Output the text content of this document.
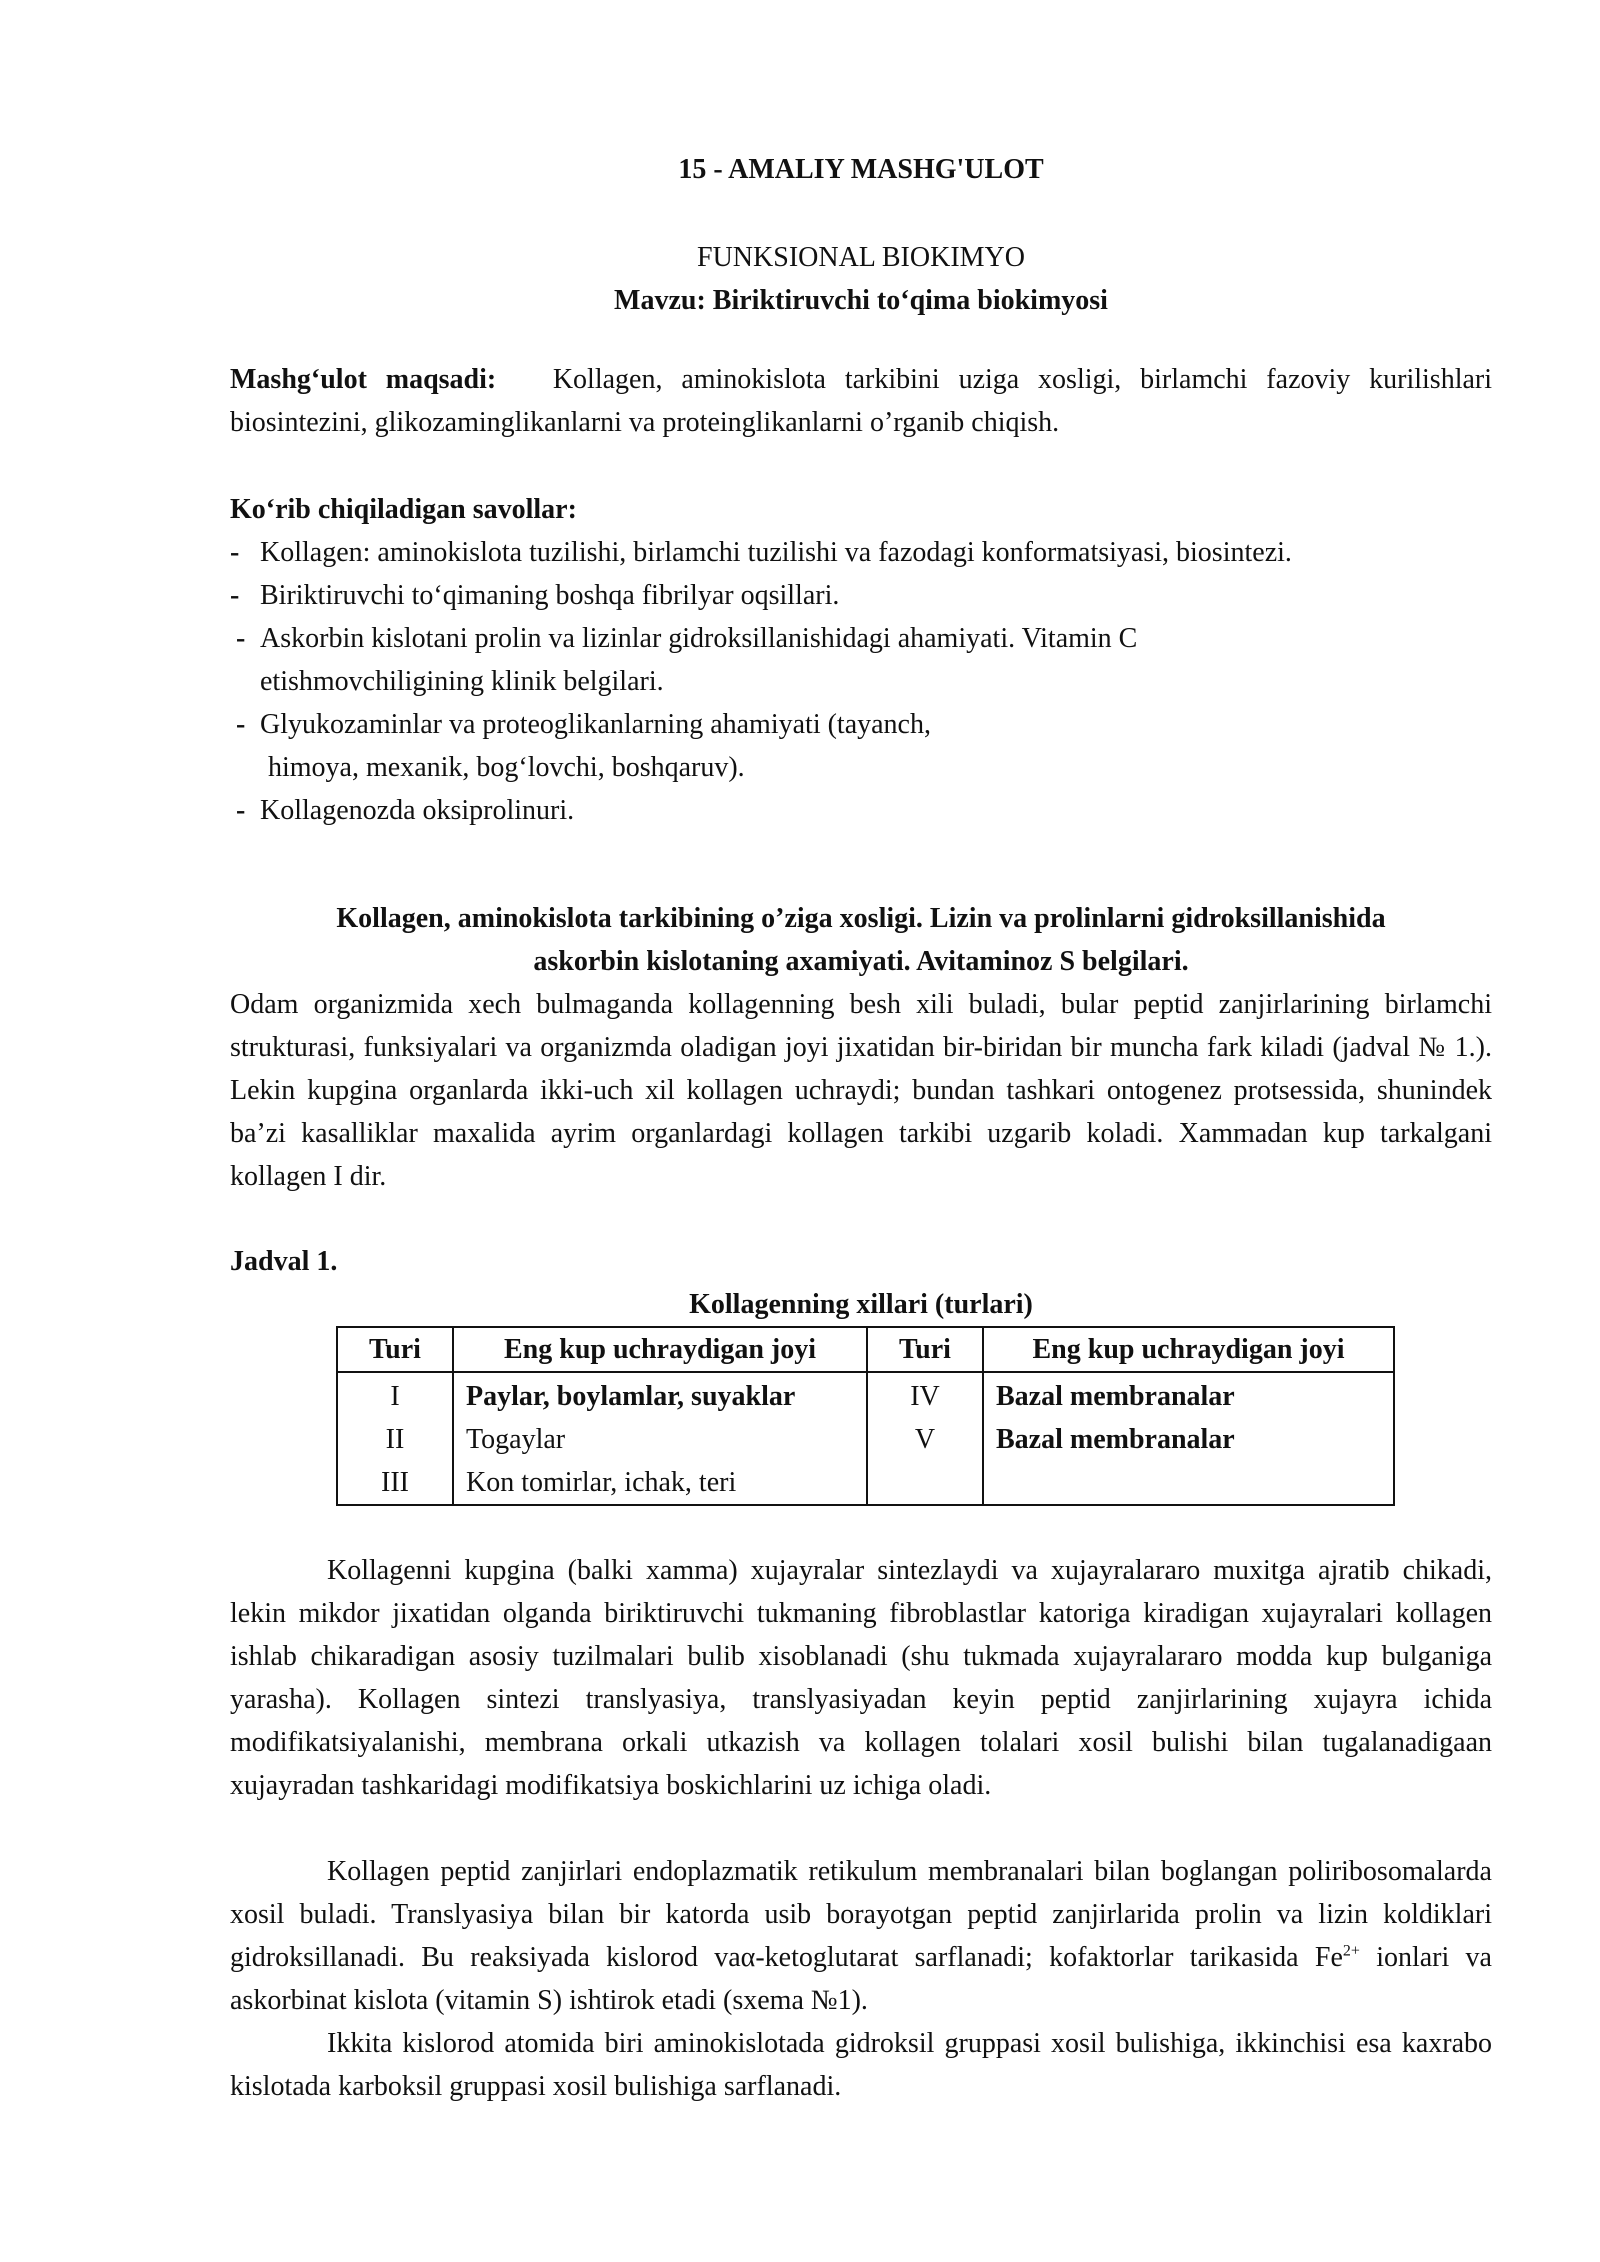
15 - AMALIY MASHG'ULOT

FUNKSIONAL BIOKIMYO

Mavzu: Biriktiruvchi to‘qima biokimyosi

Mashg‘ulot maqsadi: Kollagen, aminokislota tarkibini uziga xosligi, birlamchi fazoviy kurilishlari biosintezini, glikozaminglikanlarni va proteinglikanlarni o’rganib chiqish.

Ko‘rib chiqiladigan savollar:

- Kollagen: aminokislota tuzilishi, birlamchi tuzilishi va fazodagi konformatsiyasi, biosintezi.
- Biriktiruvchi to‘qimaning boshqa fibrilyar oqsillari.
- Askorbin kislotani prolin va lizinlar gidroksillanishidagi ahamiyati. Vitamin C
etishmovchiligining klinik belgilari.
- Glyukozaminlar va proteoglikanlarning ahamiyati (tayanch,
himoya, mexanik, bog‘lovchi, boshqaruv).
- Kollagenozda oksiprolinuri.

Kollagen, aminokislota tarkibining o’ziga xosligi. Lizin va prolinlarni gidroksillanishida

askorbin kislotaning axamiyati. Avitaminoz S belgilari.

Odam organizmida xech bulmaganda kollagenning besh xili buladi, bular peptid zanjirlarining birlamchi strukturasi, funksiyalari va organizmda oladigan joyi jixatidan bir-biridan bir muncha fark kiladi (jadval № 1.). Lekin kupgina organlarda ikki-uch xil kollagen uchraydi; bundan tashkari ontogenez protsessida, shunindek ba’zi kasalliklar maxalida ayrim organlardagi kollagen tarkibi uzgarib koladi. Xammadan kup tarkalgani kollagen I dir.

Jadval 1.

Kollagenning xillari (turlari)

Turi	Eng kup uchraydigan joyi	Turi	Eng kup uchraydigan joyi
I	Paylar, boylamlar, suyaklar	IV	Bazal membranalar
II	Togaylar	V	Bazal membranalar
III	Kon tomirlar, ichak, teri		

Kollagenni kupgina (balki xamma) xujayralar sintezlaydi va xujayralararo muxitga ajratib chikadi, lekin mikdor jixatidan olganda biriktiruvchi tukmaning fibroblastlar katoriga kiradigan xujayralari kollagen ishlab chikaradigan asosiy tuzilmalari bulib xisoblanadi (shu tukmada xujayralararo modda kup bulganiga yarasha). Kollagen sintezi translyasiya, translyasiyadan keyin peptid zanjirlarining xujayra ichida modifikatsiyalanishi, membrana orkali utkazish va kollagen tolalari xosil bulishi bilan tugalanadigaan xujayradan tashkaridagi modifikatsiya boskichlarini uz ichiga oladi.

Kollagen peptid zanjirlari endoplazmatik retikulum membranalari bilan boglangan poliribosomalarda xosil buladi. Translyasiya bilan bir katorda usib borayotgan peptid zanjirlarida prolin va lizin koldiklari gidroksillanadi. Bu reaksiyada kislorod vaα-ketoglutarat sarflanadi; kofaktorlar tarikasida $Fe^{2+}$ ionlari va askorbinat kislota (vitamin S) ishtirok etadi (sxema №1).

Ikkita kislorod atomida biri aminokislotada gidroksil gruppasi xosil bulishiga, ikkinchisi esa kaxrabo kislotada karboksil gruppasi xosil bulishiga sarflanadi.
